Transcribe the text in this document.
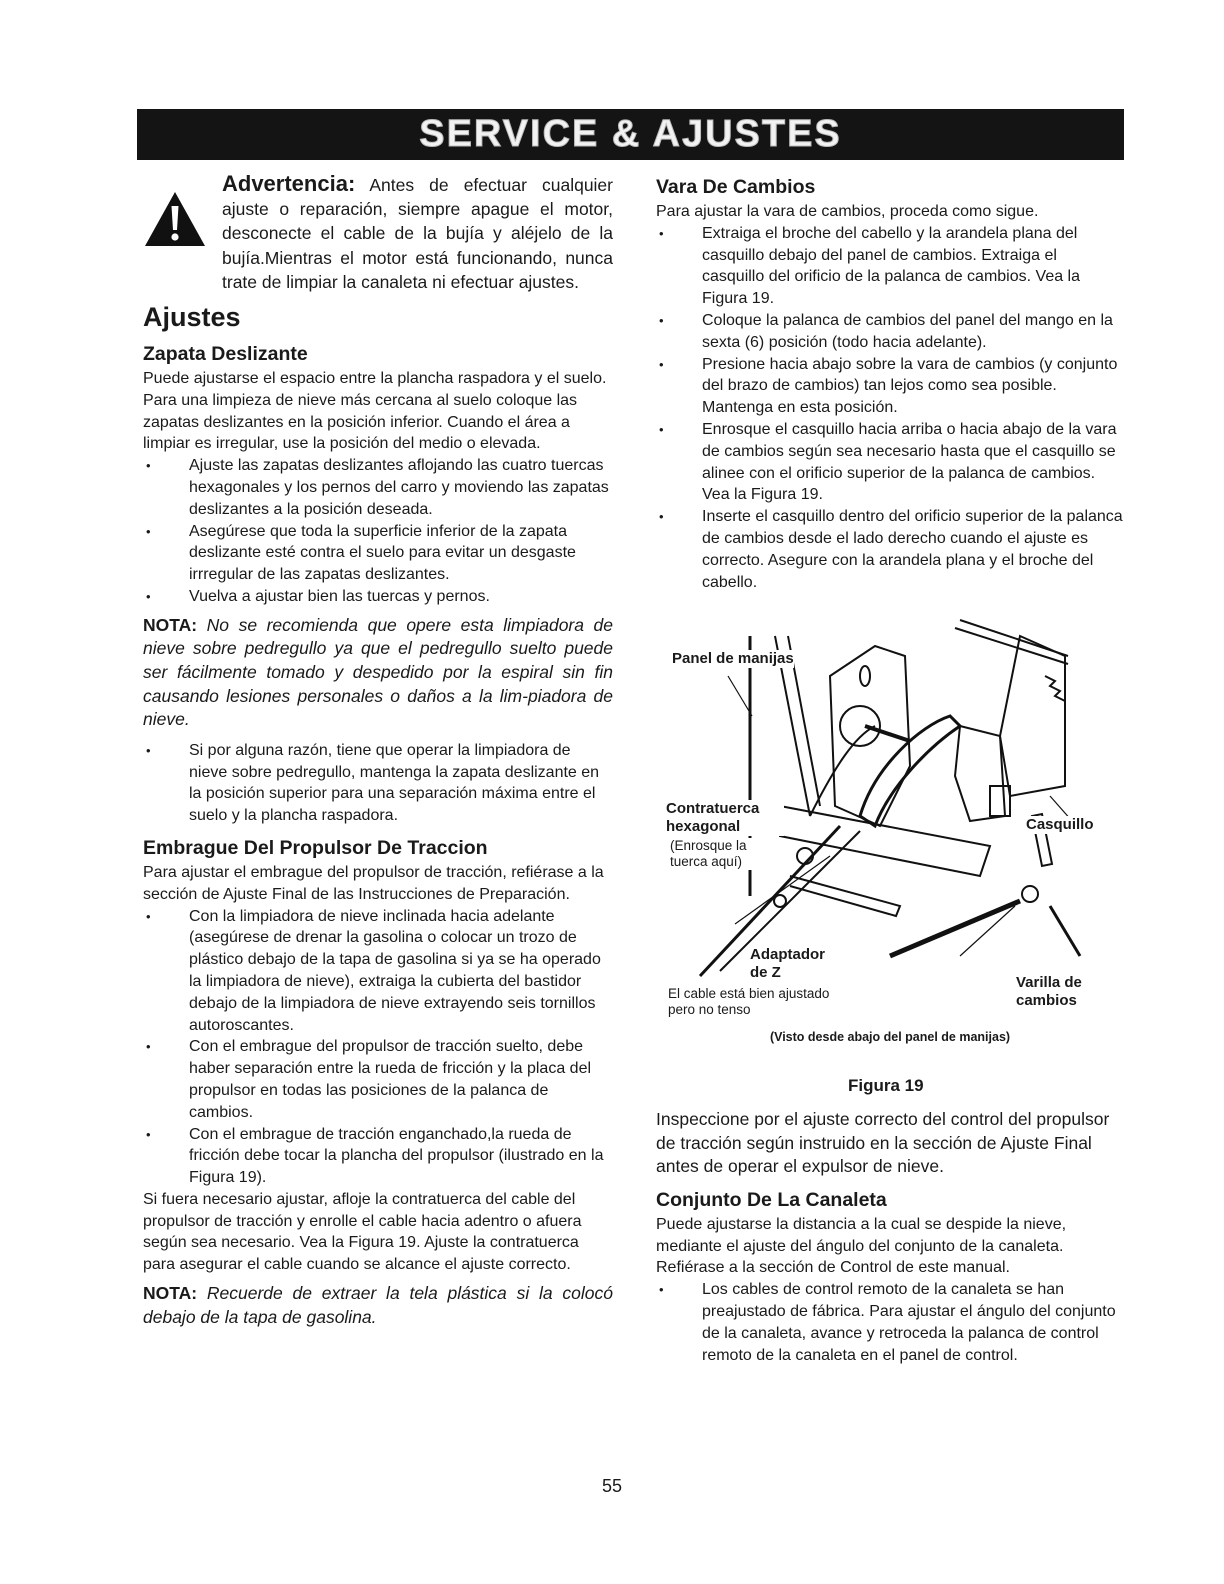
SERVICE & AJUSTES

Advertencia: Antes de efectuar cualquier ajuste o reparación, siempre apague el motor, desconecte el cable de la bujía y aléjelo de la bujía.Mientras el motor está funcionando, nunca trate de limpiar la canaleta ni efectuar ajustes.

Ajustes
Zapata Deslizante

Puede ajustarse el espacio entre la plancha raspadora y el suelo. Para una limpieza de nieve más cercana al suelo coloque las zapatas deslizantes en la posición inferior. Cuando el área a limpiar es irregular, use la posición del medio o elevada.

• Ajuste las zapatas deslizantes aflojando las cuatro tuercas hexagonales y los pernos del carro y moviendo las zapatas deslizantes a la posición deseada.
• Asegúrese que toda la superficie inferior de la zapata deslizante esté contra el suelo para evitar un desgaste irrregular de las zapatas deslizantes.
• Vuelva a ajustar bien las tuercas y pernos.

NOTA: No se recomienda que opere esta limpiadora de nieve sobre pedregullo ya que el pedregullo suelto puede ser fácilmente tomado y despedido por la espiral sin fin causando lesiones personales o daños a la lim-piadora de nieve.

• Si por alguna razón, tiene que operar la limpiadora de nieve sobre pedregullo, mantenga la zapata deslizante en la posición superior para una separación máxima entre el suelo y la plancha raspadora.
Embrague Del Propulsor De Traccion

Para ajustar el embrague del propulsor de tracción, refiérase a la sección de Ajuste Final de las Instrucciones de Preparación.

• Con la limpiadora de nieve inclinada hacia adelante (asegúrese de drenar la gasolina o colocar un trozo de plástico debajo de la tapa de gasolina si ya se ha operado la limpiadora de nieve), extraiga la cubierta del bastidor debajo de la limpiadora de nieve extrayendo seis tornillos autoroscantes.
• Con el embrague del propulsor de tracción suelto, debe haber separación entre la rueda de fricción y la placa del propulsor en todas las posiciones de la palanca de cambios.
• Con el embrague de tracción enganchado,la rueda de fricción debe tocar la plancha del propulsor (ilustrado en la Figura 19).

Si fuera necesario ajustar, afloje la contratuerca del cable del propulsor de tracción y enrolle el cable hacia adentro o afuera según sea necesario. Vea la Figura 19. Ajuste la contratuerca para asegurar el cable cuando se alcance el ajuste correcto.

NOTA: Recuerde de extraer la tela plástica si la colocó debajo de la tapa de gasolina.

Vara De Cambios

Para ajustar la vara de cambios, proceda como sigue.

• Extraiga el broche del cabello y la arandela plana del casquillo debajo del panel de cambios. Extraiga el casquillo del orificio de la palanca de cambios. Vea la Figura 19.
• Coloque la palanca de cambios del panel del mango en la sexta (6) posición (todo hacia adelante).
• Presione hacia abajo sobre la vara de cambios (y conjunto del brazo de cambios) tan lejos como sea posible. Mantenga en esta posición.
• Enrosque el casquillo hacia arriba o hacia abajo de la vara de cambios según sea necesario hasta que el casquillo se alinee con el orificio superior de la palanca de cambios. Vea la Figura 19.
• Inserte el casquillo dentro del orificio superior de la palanca de cambios desde el lado derecho cuando el ajuste es correcto. Asegure con la arandela plana y el broche del cabello.
Panel de manijas
Contratuerca hexagonal
(Enrosque la tuerca aquí)
Casquillo
Adaptador de Z
El cable está bien ajustado pero no tenso
Varilla de cambios
(Visto desde abajo del panel de manijas)
Figura 19

Inspeccione por el ajuste correcto del control del propulsor de tracción según instruido en la sección de Ajuste Final antes de operar el expulsor de nieve.

Conjunto De La Canaleta

Puede ajustarse la distancia a la cual se despide la nieve, mediante el ajuste del ángulo del conjunto de la canaleta. Refiérase a la sección de Control de este manual.

• Los cables de control remoto de la canaleta se han preajustado de fábrica. Para ajustar el ángulo del conjunto de la canaleta, avance y retroceda la palanca de control remoto de la canaleta en el panel de control.
55
